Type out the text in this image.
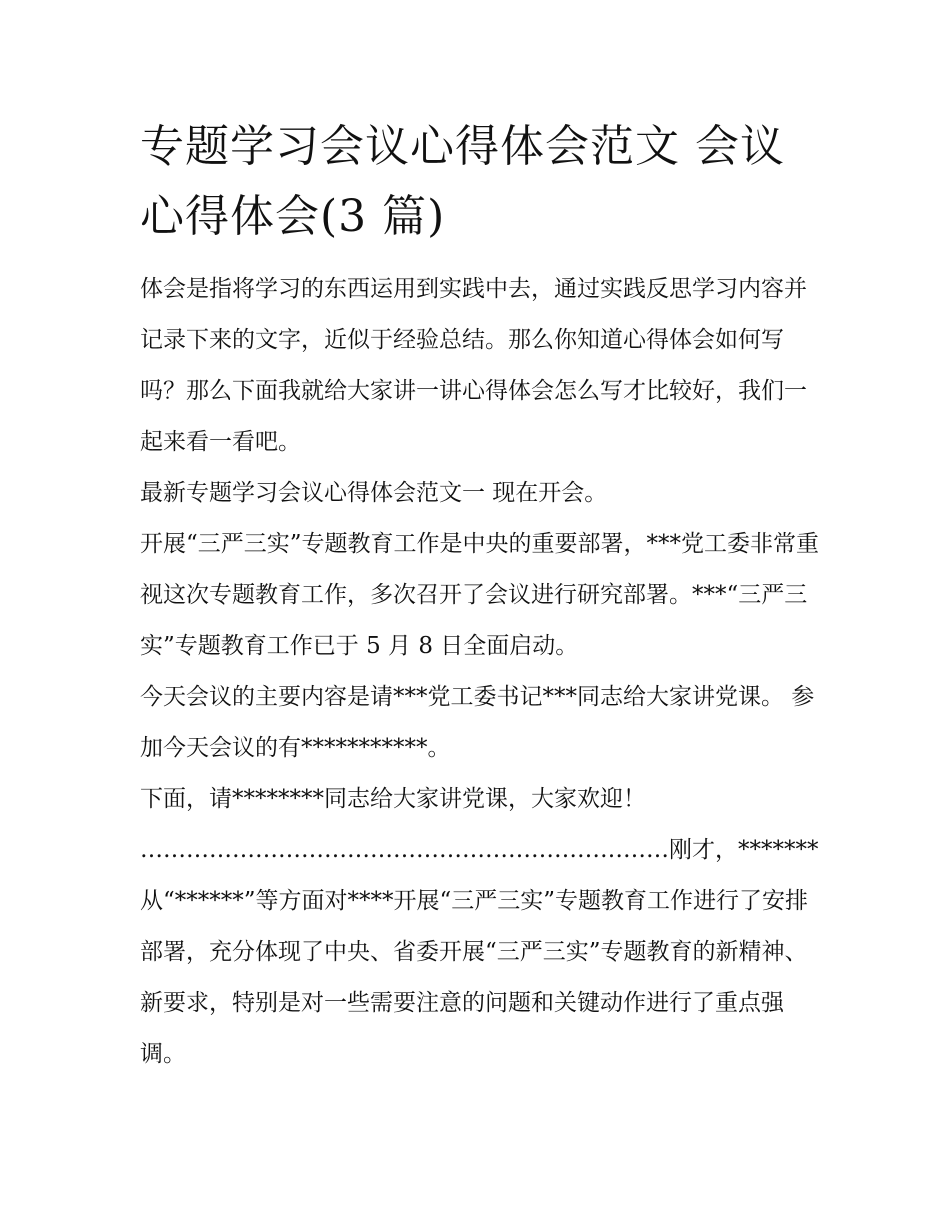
专题学习会议心得体会范文 会议 心得体会(3 篇)

体会是指将学习的东西运用到实践中去，通过实践反思学习内容并记录下来的文字，近似于经验总结。那么你知道心得体会如何写吗？那么下面我就给大家讲一讲心得体会怎么写才比较好，我们一起来看一看吧。

最新专题学习会议心得体会范文一 现在开会。

开展“三严三实”专题教育工作是中央的重要部署，***党工委非常重视这次专题教育工作，多次召开了会议进行研究部署。***“三严三实”专题教育工作已于 5 月 8 日全面启动。

今天会议的主要内容是请***党工委书记***同志给大家讲党课。 参加今天会议的有***********。

下面，请********同志给大家讲党课，大家欢迎！

……………………………………………………………刚才，*******从“******”等方面对****开展“三严三实”专题教育工作进行了安排部署，充分体现了中央、省委开展“三严三实”专题教育的新精神、新要求，特别是对一些需要注意的问题和关键动作进行了重点强调。
